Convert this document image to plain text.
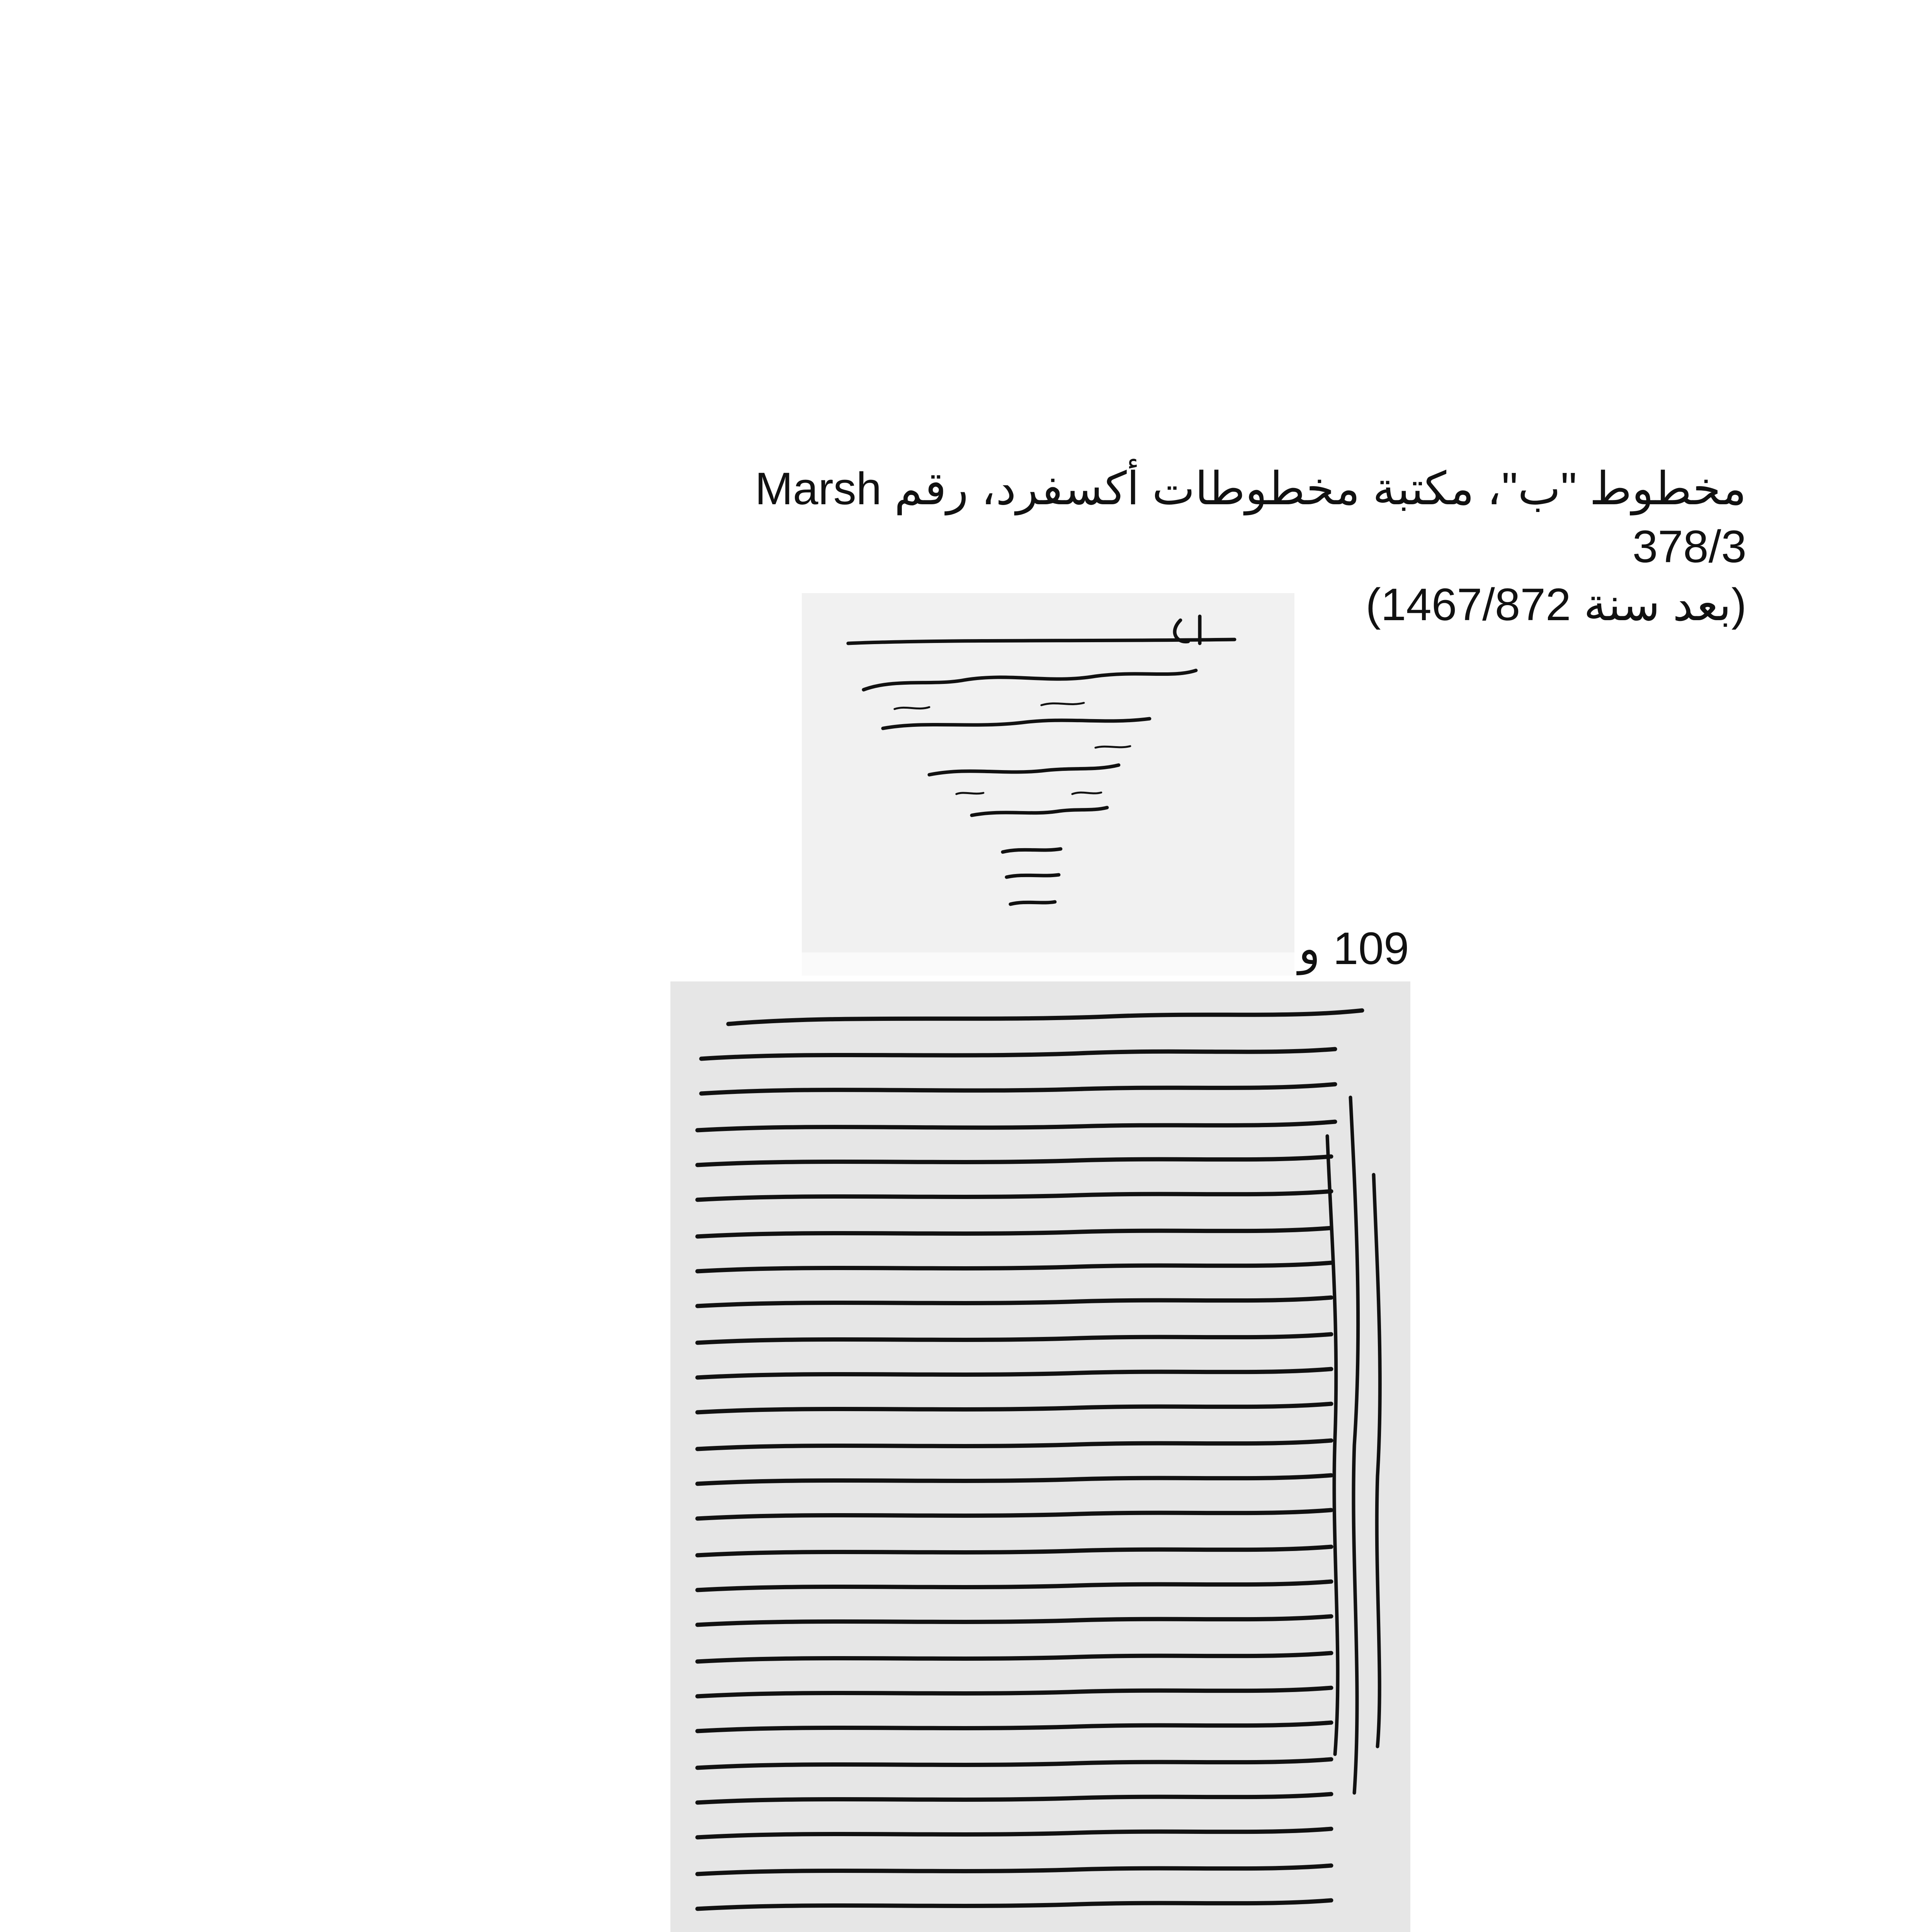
مخطوط "ب"، مكتبة مخطوطات أكسفرد، رقم Marsh 378/3
(بعد سنة 1467/872)
109 و
